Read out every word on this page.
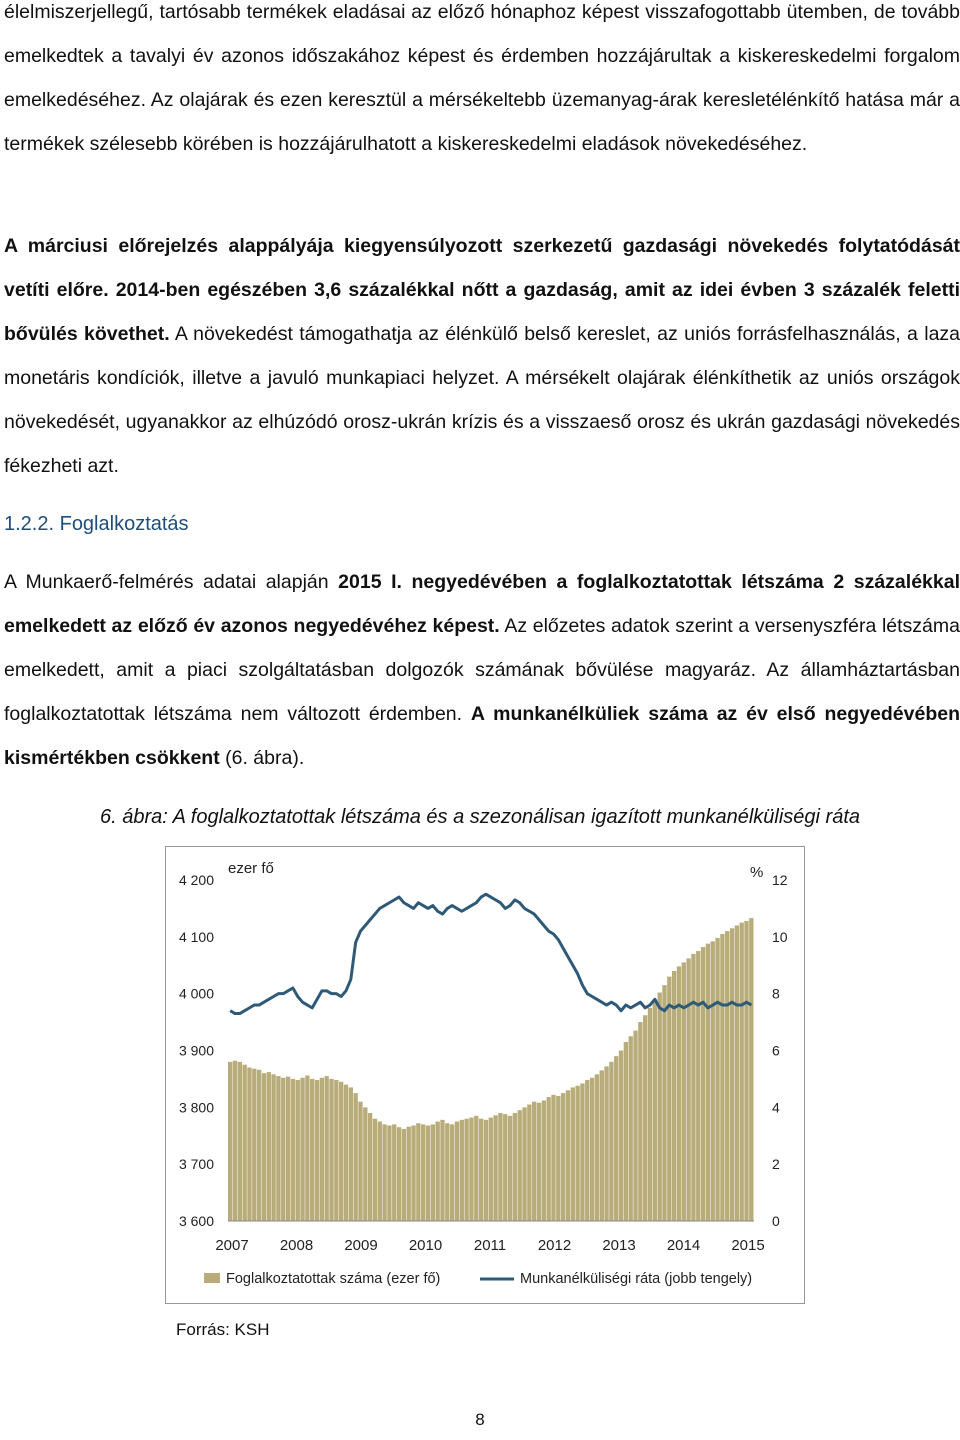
élelmiszerjellegű, tartósabb termékek eladásai az előző hónaphoz képest visszafogottabb ütemben, de tovább emelkedtek a tavalyi év azonos időszakához képest és érdemben hozzájárultak a kiskereskedelmi forgalom emelkedéséhez. Az olajárak és ezen keresztül a mérsékeltebb üzemanyag-árak keresletélénkítő hatása már a termékek szélesebb körében is hozzájárulhatott a kiskereskedelmi eladások növekedéséhez.

A márciusi előrejelzés alappályája kiegyensúlyozott szerkezetű gazdasági növekedés folytatódását vetíti előre. 2014-ben egészében 3,6 százalékkal nőtt a gazdaság, amit az idei évben 3 százalék feletti bővülés követhet. A növekedést támogathatja az élénkülő belső kereslet, az uniós forrásfelhasználás, a laza monetáris kondíciók, illetve a javuló munkapiaci helyzet. A mérsékelt olajárak élénkíthetik az uniós országok növekedését, ugyanakkor az elhúzódó orosz-ukrán krízis és a visszaeső orosz és ukrán gazdasági növekedés fékezheti azt.

1.2.2. Foglalkoztatás

A Munkaerő-felmérés adatai alapján 2015 I. negyedévében a foglalkoztatottak létszáma 2 százalékkal emelkedett az előző év azonos negyedévéhez képest. Az előzetes adatok szerint a versenyszféra létszáma emelkedett, amit a piaci szolgáltatásban dolgozók számának bővülése magyaráz. Az államháztartásban foglalkoztatottak létszáma nem változott érdemben. A munkanélküliek száma az év első negyedévében kismértékben csökkent (6. ábra).

6. ábra: A foglalkoztatottak létszáma és a szezonálisan igazított munkanélküliségi ráta

ezer fő	%
4 200
4 100
4 000
3 900
3 800
3 700
3 600
12
10
8
6
4
2
0
2007 2008 2009 2010 2011 2012 2013 2014 2015
Foglalkoztatottak száma (ezer fő)	Munkanélküliségi ráta (jobb tengely)

Forrás: KSH

8
